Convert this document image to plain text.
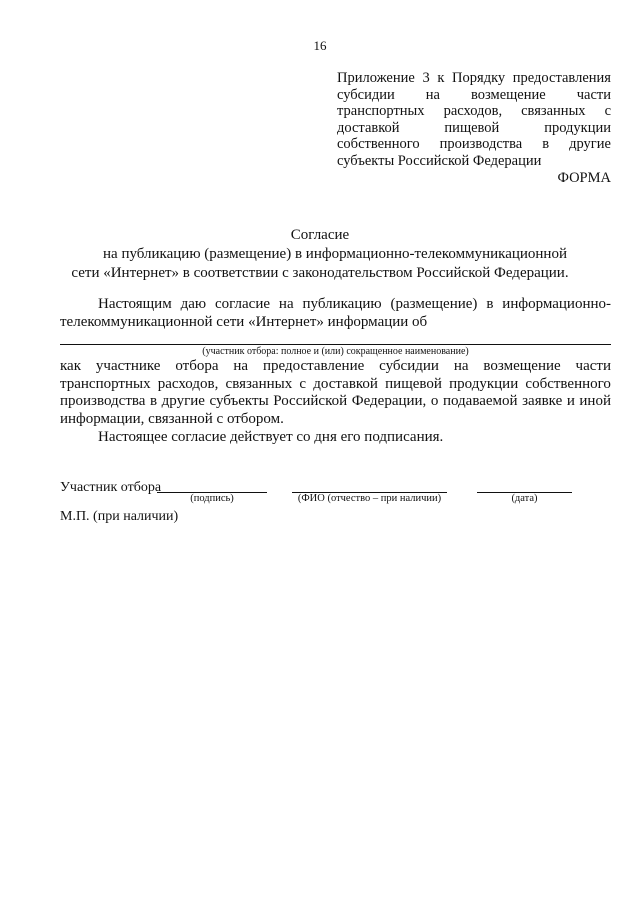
16
Приложение 3 к Порядку предоставления
субсидии на возмещение части
транспортных расходов, связанных с
доставкой	пищевой	продукции
собственного производства в другие
субъекты Российской Федерации
ФОРМА
Согласие
на публикацию (размещение) в информационно-телекоммуникационной
сети «Интернет» в соответствии с законодательством Российской Федерации.
Настоящим даю согласие на публикацию (размещение) в информационно-
телекоммуникационной сети «Интернет» информации об
(участник отбора: полное и (или) сокращенное наименование)
как участнике отбора на предоставление субсидии на возмещение части
транспортных расходов, связанных с доставкой пищевой продукции собственного
производства в другие субъекты Российской Федерации, о подаваемой заявке и иной
информации, связанной с отбором.
Настоящее согласие действует со дня его подписания.
Участник отбора
(подпись)	(ФИО (отчество – при наличии)	(дата)
М.П. (при наличии)
